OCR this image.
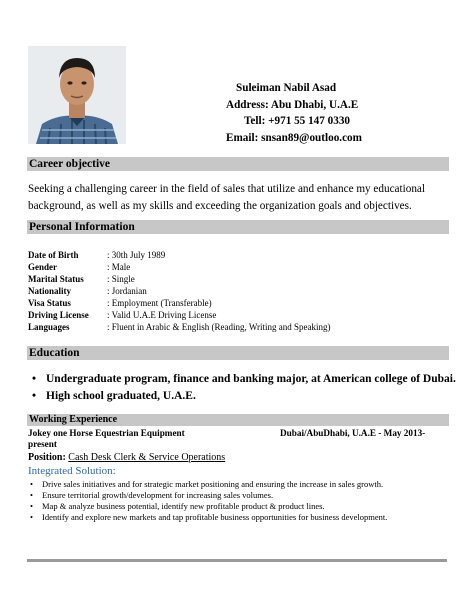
Suleiman Nabil Asad
Address: Abu Dhabi, U.A.E
Tell: +971 55 147 0330
Email: snsan89@outloo.com
Career objective
Seeking a challenging career in the field of sales that utilize and enhance my educational background, as well as my skills and exceeding the organization goals and objectives.
Personal Information
Date of Birth	: 30th July 1989
Gender	: Male
Marital Status	: Single
Nationality	: Jordanian
Visa Status	: Employment (Transferable)
Driving License	: Valid U.A.E Driving License
Languages	: Fluent in Arabic & English (Reading, Writing and Speaking)
Education
• Undergraduate program, finance and banking major, at American college of Dubai.
• High school graduated, U.A.E.
Working Experience
Jokey one Horse Equestrian Equipment	Dubai/AbuDhabi, U.A.E - May 2013-
present
Position: Cash Desk Clerk & Service Operations
Integrated Solution:
• Drive sales initiatives and for strategic market positioning and ensuring the increase in sales growth.
• Ensure territorial growth/development for increasing sales volumes.
• Map & analyze business potential, identify new profitable product & product lines.
• Identify and explore new markets and tap profitable business opportunities for business development.
